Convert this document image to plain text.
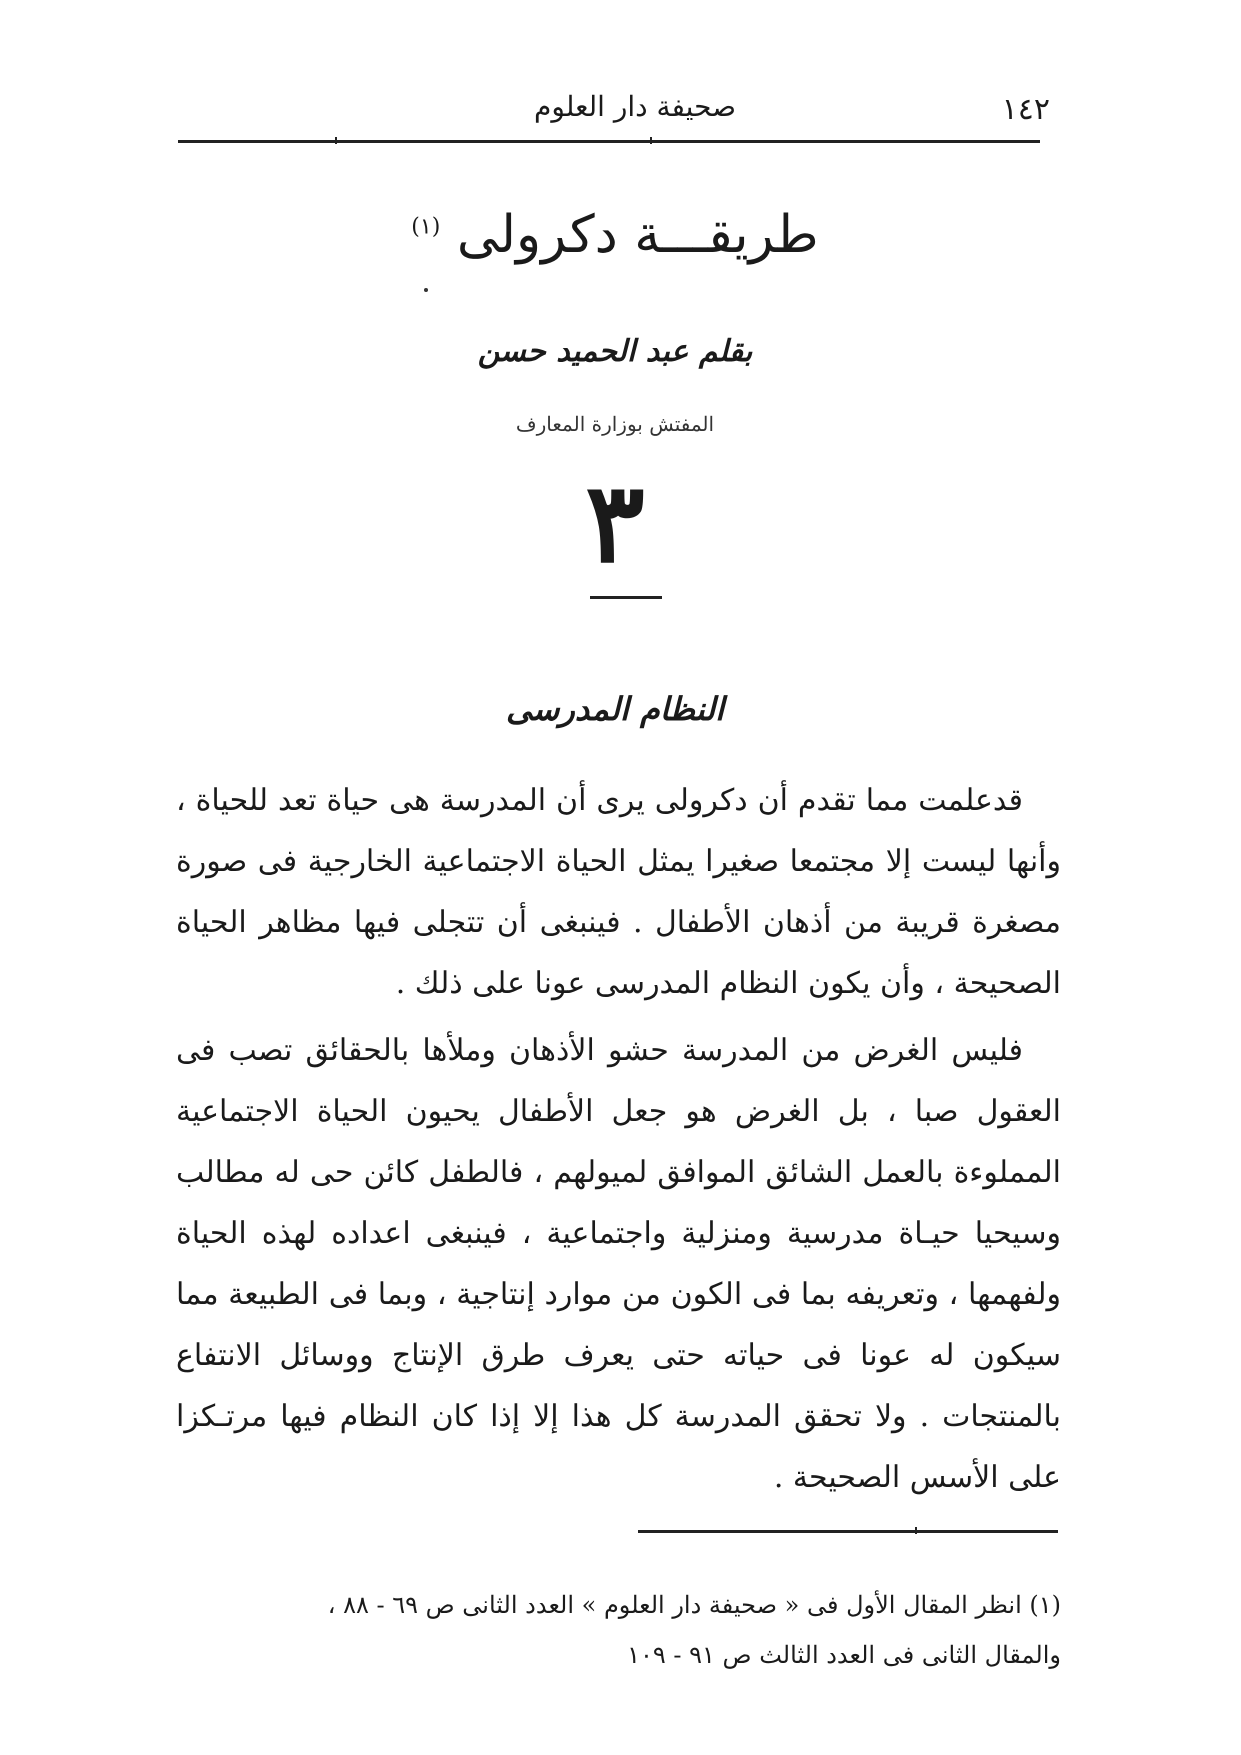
١٤٢
صحيفة دار العلوم
طريقـــة دكرولى $^{(١)}$
بقلم عبد الحميد حسن
المفتش بوزارة المعارف
٣
النظام المدرسى

قدعلمت مما تقدم أن دكرولى يرى أن المدرسة هى حياة تعد للحياة ، وأنها ليست إلا مجتمعا صغيرا يمثل الحياة الاجتماعية الخارجية فى صورة مصغرة قريبة من أذهان الأطفال . فينبغى أن تتجلى فيها مظاهر الحياة الصحيحة ، وأن يكون النظام المدرسى عونا على ذلك .

فليس الغرض من المدرسة حشو الأذهان وملأها بالحقائق تصب فى العقول صبا ، بل الغرض هو جعل الأطفال يحيون الحياة الاجتماعية المملوءة بالعمل الشائق الموافق لميولهم ، فالطفل كائن حى له مطالب وسيحيا حيـاة مدرسية ومنزلية واجتماعية ، فينبغى اعداده لهذه الحياة ولفهمها ، وتعريفه بما فى الكون من موارد إنتاجية ، وبما فى الطبيعة مما سيكون له عونا فى حياته حتى يعرف طرق الإنتاج ووسائل الانتفاع بالمنتجات . ولا تحقق المدرسة كل هذا إلا إذا كان النظام فيها مرتـكزا على الأسس الصحيحة .

(١) انظر المقال الأول فى « صحيفة دار العلوم » العدد الثانى ص ٦٩ - ٨٨ ،

والمقال الثانى فى العدد الثالث ص ٩١ - ١٠٩
